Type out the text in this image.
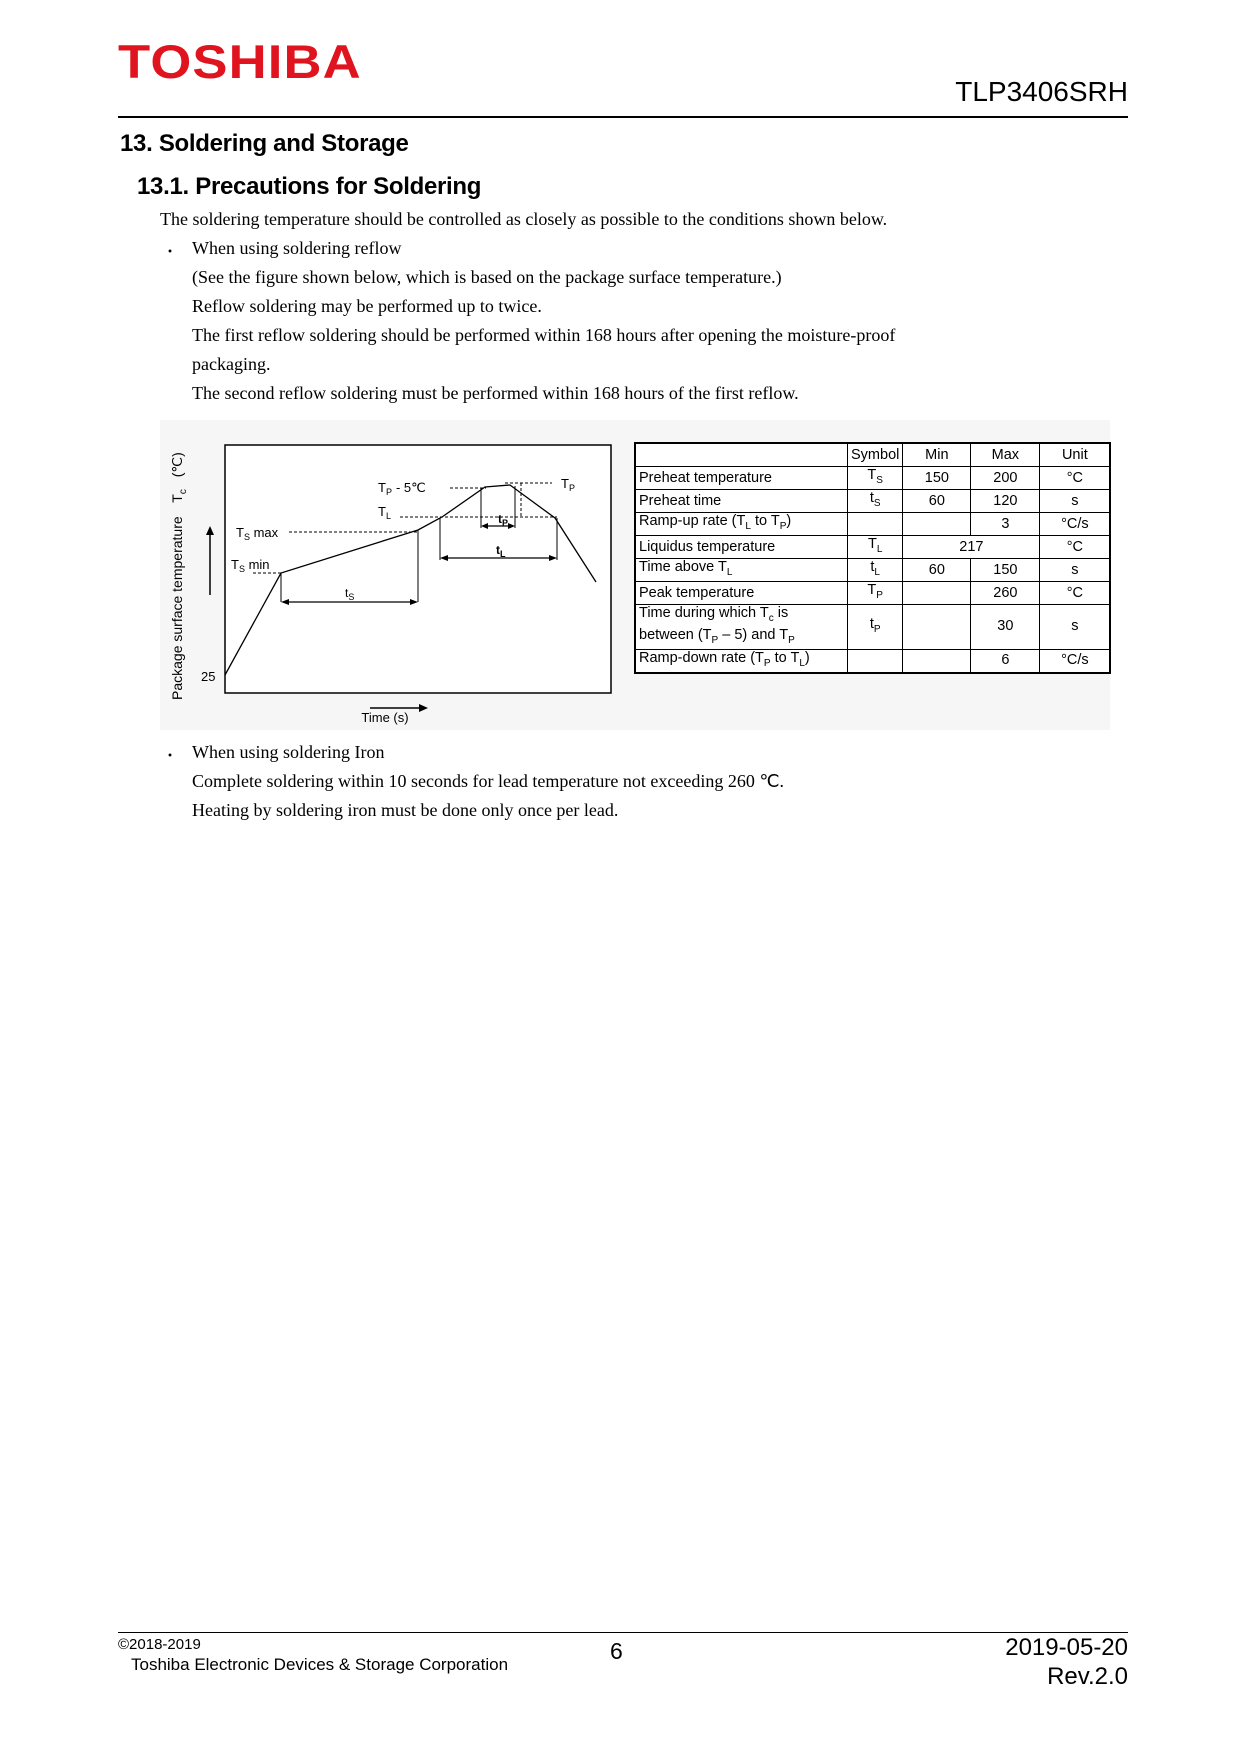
TOSHIBA
TLP3406SRH
13. Soldering and Storage
13.1. Precautions for Soldering
The soldering temperature should be controlled as closely as possible to the conditions shown below.
・ When using soldering reflow
(See the figure shown below, which is based on the package surface temperature.)
Reflow soldering may be performed up to twice.
The first reflow soldering should be performed within 168 hours after opening the moisture-proof
packaging.
The second reflow soldering must be performed within 168 hours of the first reflow.
Package surface temperature $T_c$ (℃)
25
$T_P$ - 5℃	$T_P$
$T_L$
$T_S$ max
$T_S$ min
$t_P$
$t_L$
$t_S$
Time (s)
	Symbol	Min	Max	Unit
Preheat temperature	$T_S$	150	200	°C
Preheat time	$t_S$	60	120	s
Ramp-up rate ($T_L$ to $T_P$)			3	°C/s
Liquidus temperature	$T_L$	217		°C
Time above $T_L$	$t_L$	60	150	s
Peak temperature	$T_P$		260	°C
Time during which $T_c$ is
between $(T_P - 5)$ and $T_P$	$t_P$		30	s
Ramp-down rate ($T_P$ to $T_L$)			6	°C/s
・ When using soldering Iron
Complete soldering within 10 seconds for lead temperature not exceeding 260 ℃.
Heating by soldering iron must be done only once per lead.
©2018-2019
Toshiba Electronic Devices & Storage Corporation
6	2019-05-20
Rev.2.0
